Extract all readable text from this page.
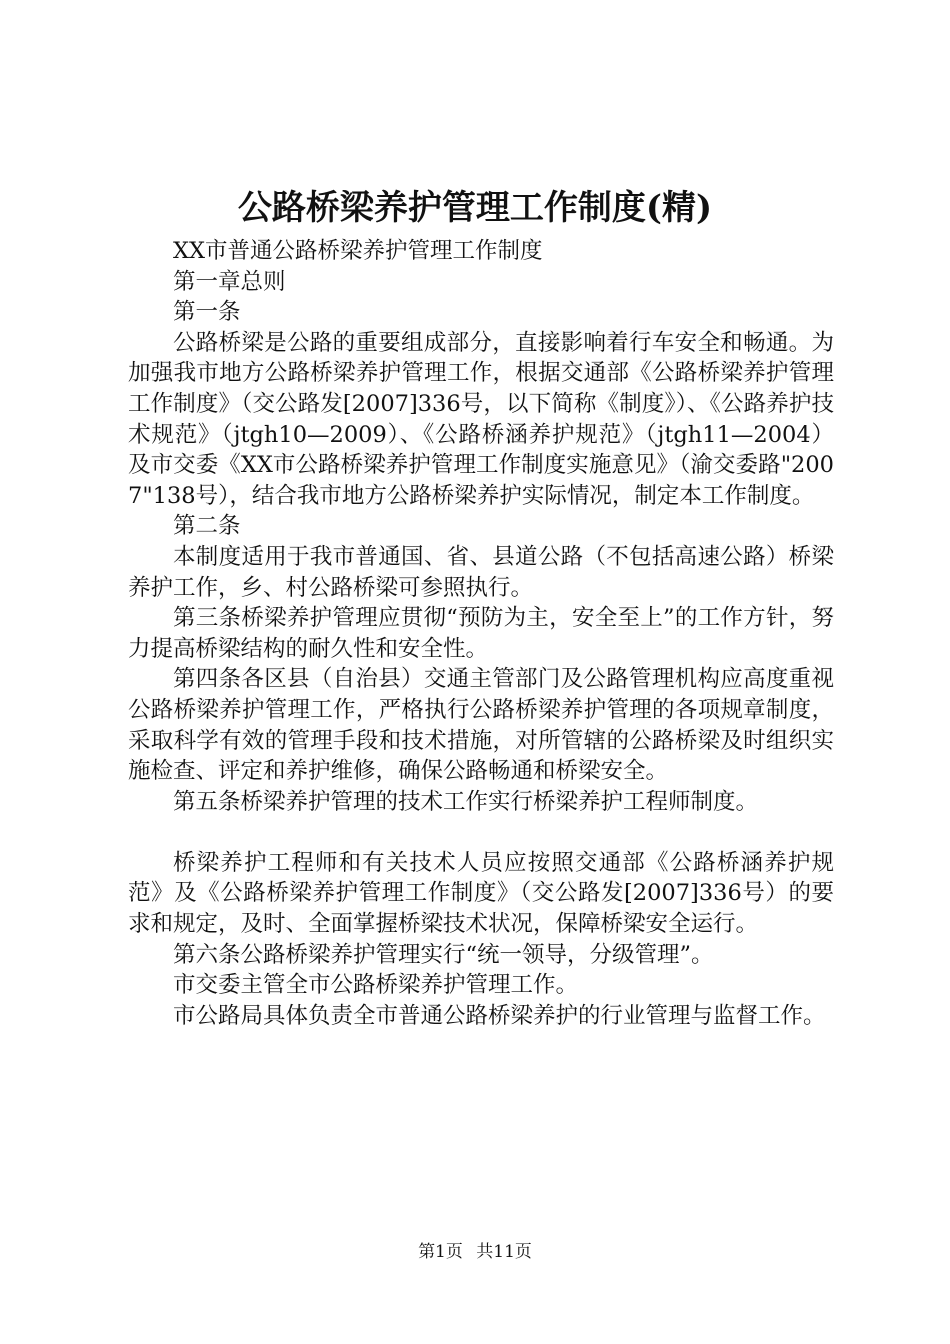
公路桥梁养护管理工作制度(精)

XX市普通公路桥梁养护管理工作制度

第一章总则

第一条

公路桥梁是公路的重要组成部分，直接影响着行车安全和畅通。为加强我市地方公路桥梁养护管理工作，根据交通部《公路桥梁养护管理工作制度》（交公路发[2007]336号，以下简称《制度》）、《公路养护技术规范》（jtgh10—2009）、《公路桥涵养护规范》（jtgh11—2004）及市交委《XX市公路桥梁养护管理工作制度实施意见》（渝交委路"2007"138号），结合我市地方公路桥梁养护实际情况，制定本工作制度。

第二条

本制度适用于我市普通国、省、县道公路（不包括高速公路）桥梁养护工作，乡、村公路桥梁可参照执行。

第三条桥梁养护管理应贯彻“预防为主，安全至上”的工作方针，努力提高桥梁结构的耐久性和安全性。

第四条各区县（自治县）交通主管部门及公路管理机构应高度重视公路桥梁养护管理工作，严格执行公路桥梁养护管理的各项规章制度，采取科学有效的管理手段和技术措施，对所管辖的公路桥梁及时组织实施检查、评定和养护维修，确保公路畅通和桥梁安全。

第五条桥梁养护管理的技术工作实行桥梁养护工程师制度。

桥梁养护工程师和有关技术人员应按照交通部《公路桥涵养护规范》及《公路桥梁养护管理工作制度》（交公路发[2007]336号）的要求和规定，及时、全面掌握桥梁技术状况，保障桥梁安全运行。

第六条公路桥梁养护管理实行“统一领导，分级管理”。

市交委主管全市公路桥梁养护管理工作。

市公路局具体负责全市普通公路桥梁养护的行业管理与监督工作。

第1页 共11页
